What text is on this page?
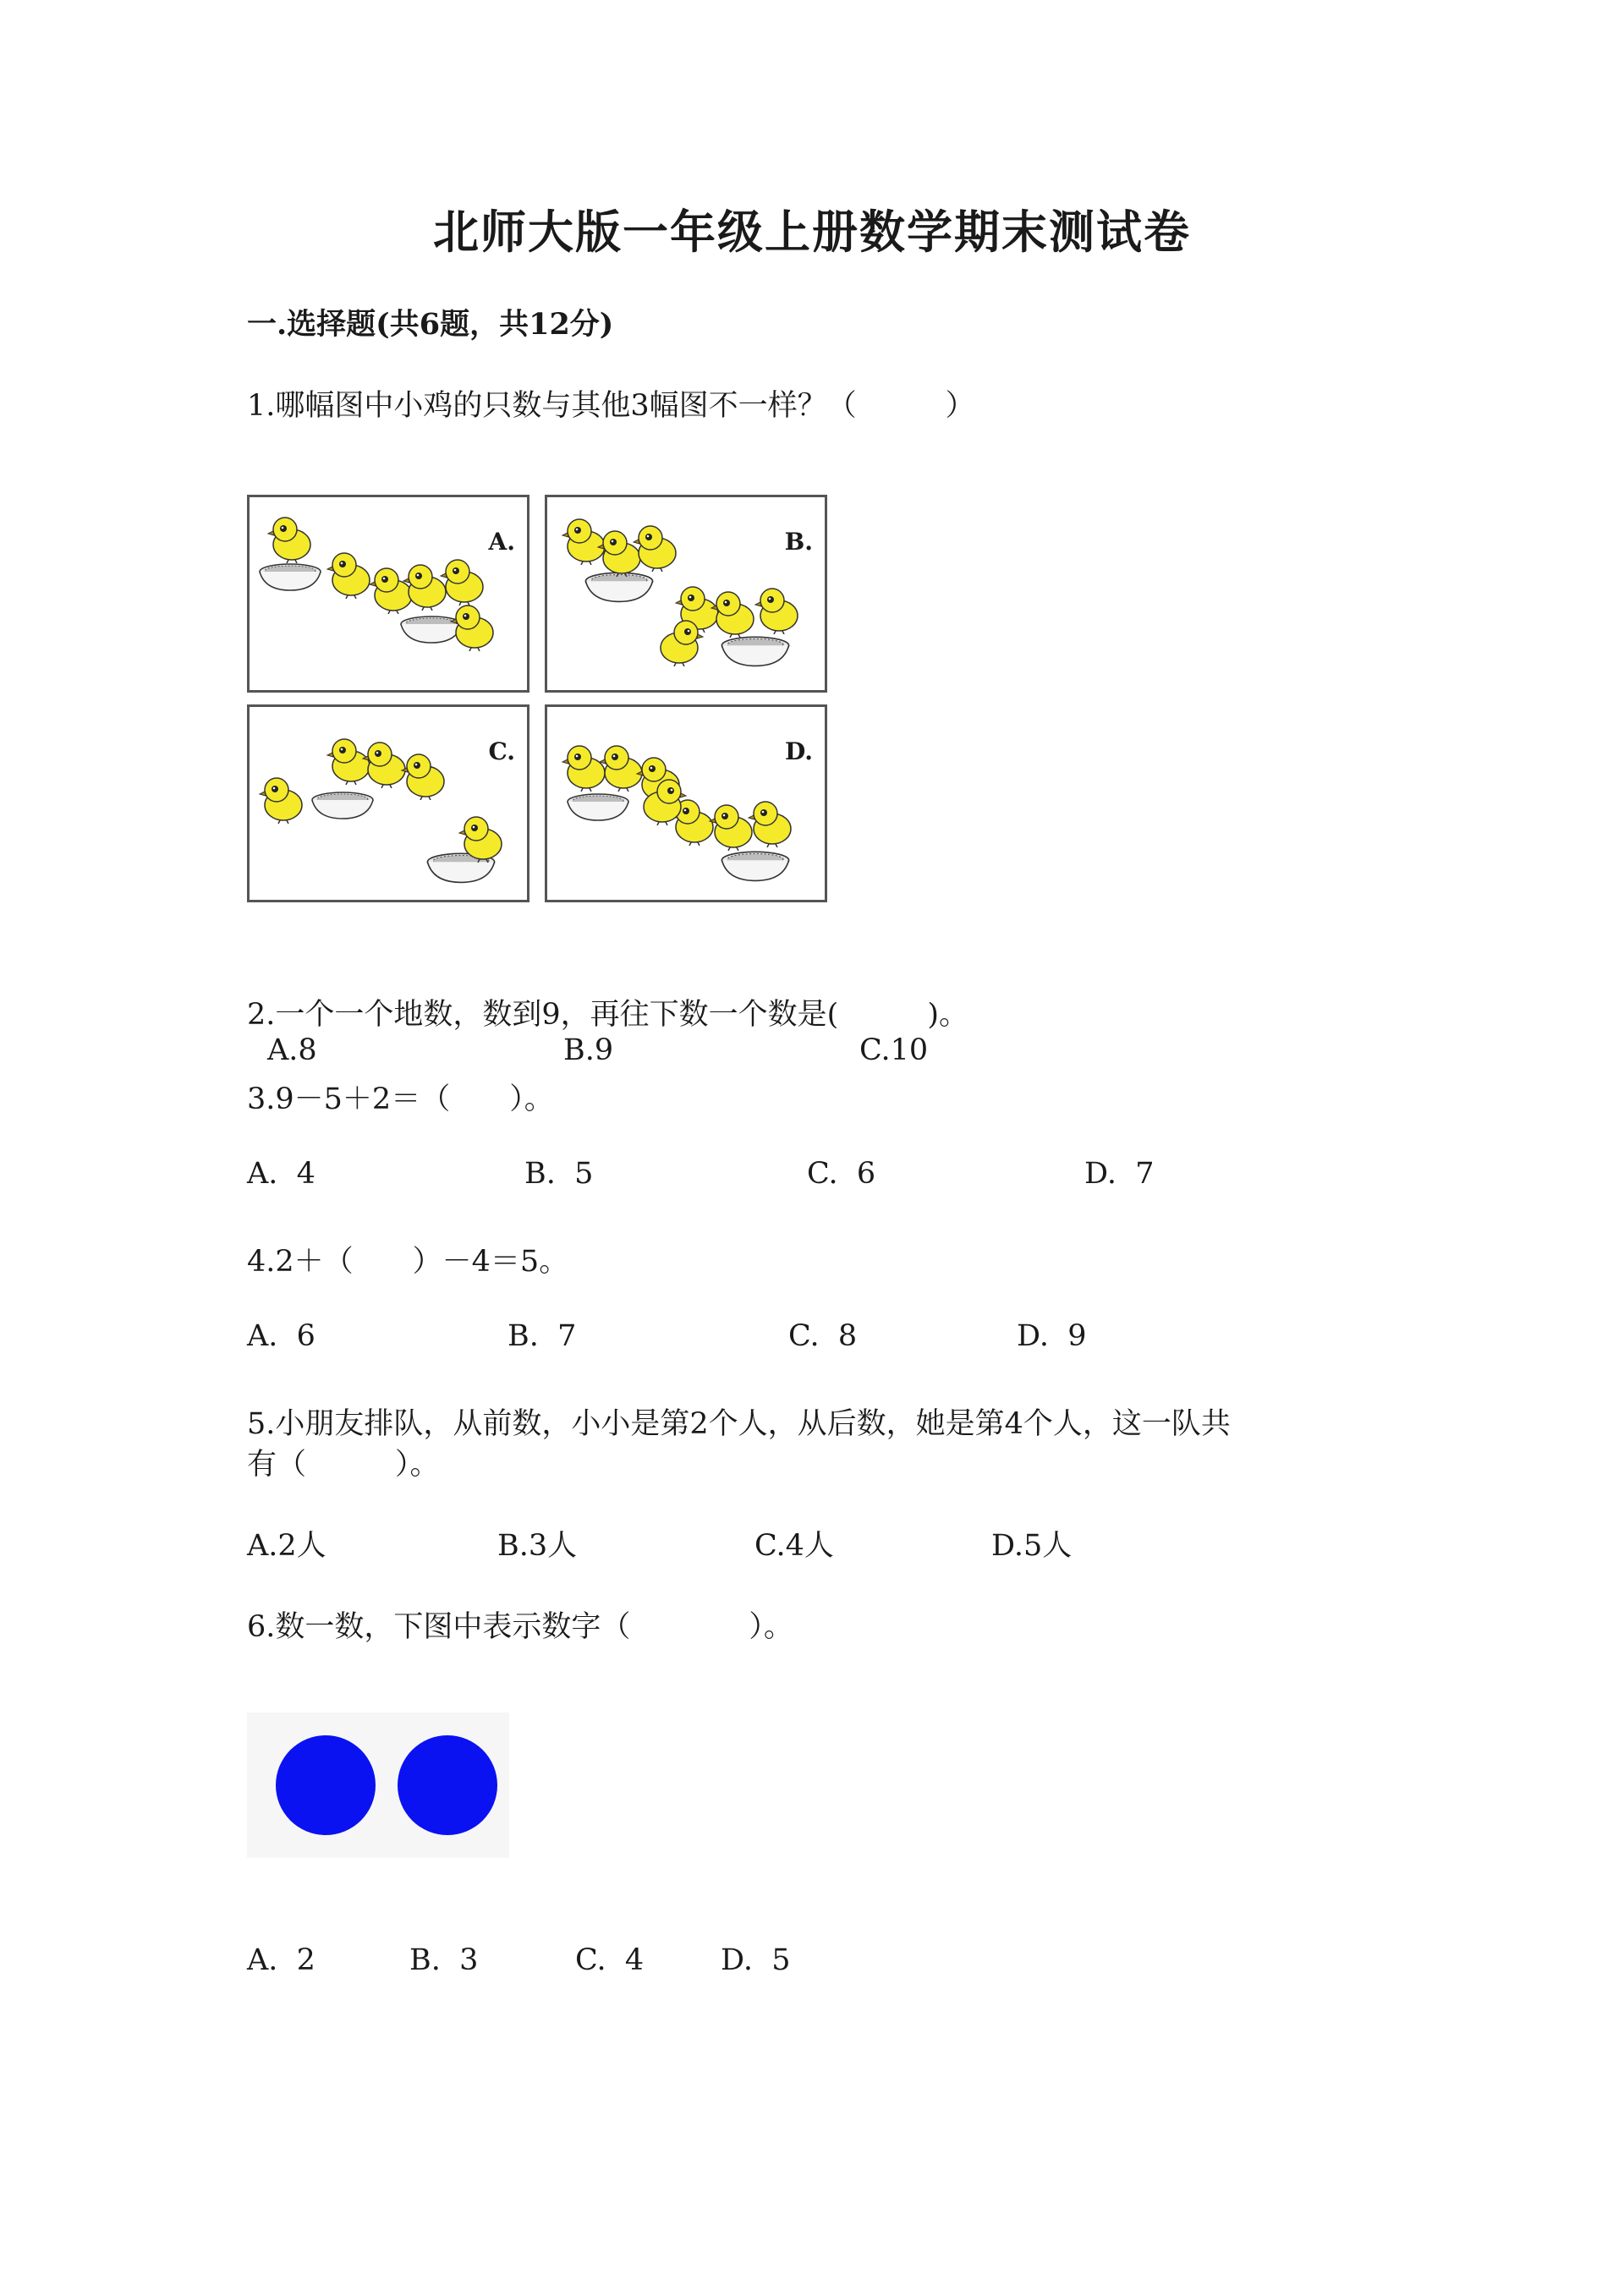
北师大版一年级上册数学期末测试卷
一.选择题(共6题，共12分)
1.哪幅图中小鸡的只数与其他3幅图不一样？（　　　）
A.	B.
C.	D.
2.一个一个地数，数到9，再往下数一个数是(　　　)。
A.8	B.9	C.10
3.9－5＋2＝（　　）。
A.  4	B.  5	C.  6	D.  7
4.2＋（　　）－4＝5。
A.  6	B.  7	C.  8	D.  9
5.小朋友排队，从前数，小小是第2个人，从后数，她是第4个人，这一队共
有（　　　）。
A.2人	B.3人	C.4人	D.5人
6.数一数，下图中表示数字（　　　　）。
A.  2	B.  3	C.  4	D.  5
